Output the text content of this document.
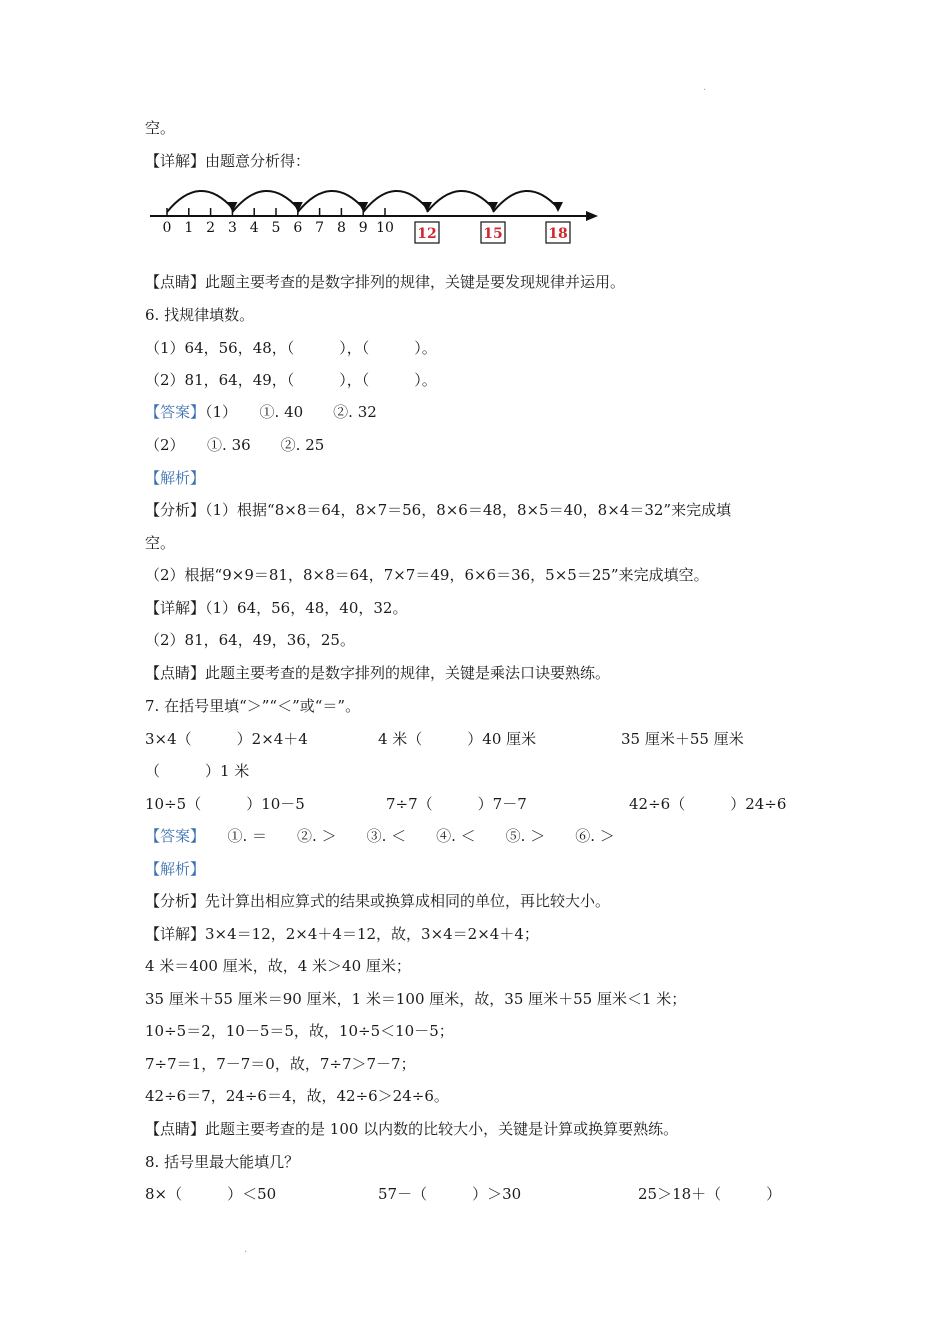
.
空。
【详解】由题意分析得：
0 1 2 3 4 5 6 7 8 9 10 12	15	18
【点睛】此题主要考查的是数字排列的规律，关键是要发现规律并运用。
6. 找规律填数。
（1）64，56，48，（　　　），（　　　）。
（2）81，64，49，（　　　），（　　　）。
【答案】（1）　　①. 40　　②. 32
（2）　　①. 36　　②. 25
【解析】
【分析】（1）根据“8×8＝64，8×7＝56，8×6＝48，8×5＝40，8×4＝32”来完成填
空。
（2）根据“9×9＝81，8×8＝64，7×7＝49，6×6＝36，5×5＝25”来完成填空。
【详解】（1）64，56，48，40，32。
（2）81，64，49，36，25。
【点睛】此题主要考查的是数字排列的规律，关键是乘法口诀要熟练。
7. 在括号里填“＞”“＜”或“＝”。
3×4（　　　）2×4＋4	4 米（　　　）40 厘米	35 厘米＋55 厘米
（　　　）1 米
10÷5（　　　）10－5	7÷7（　　　）7－7	42÷6（　　　）24÷6
【答案】　　①. ＝　　②. ＞　　③. ＜　　④. ＜　　⑤. ＞　　⑥. ＞
【解析】
【分析】先计算出相应算式的结果或换算成相同的单位，再比较大小。
【详解】3×4＝12，2×4＋4＝12，故，3×4＝2×4＋4；
4 米＝400 厘米，故，4 米＞40 厘米；
35 厘米＋55 厘米＝90 厘米，1 米＝100 厘米，故，35 厘米＋55 厘米＜1 米；
10÷5＝2，10－5＝5，故，10÷5＜10－5；
7÷7＝1，7－7＝0，故，7÷7＞7－7；
42÷6＝7，24÷6＝4，故，42÷6＞24÷6。
【点睛】此题主要考查的是 100 以内数的比较大小，关键是计算或换算要熟练。
8. 括号里最大能填几？
8×（　　　）＜50	57－（　　　）＞30	25＞18＋（　　　）
.
